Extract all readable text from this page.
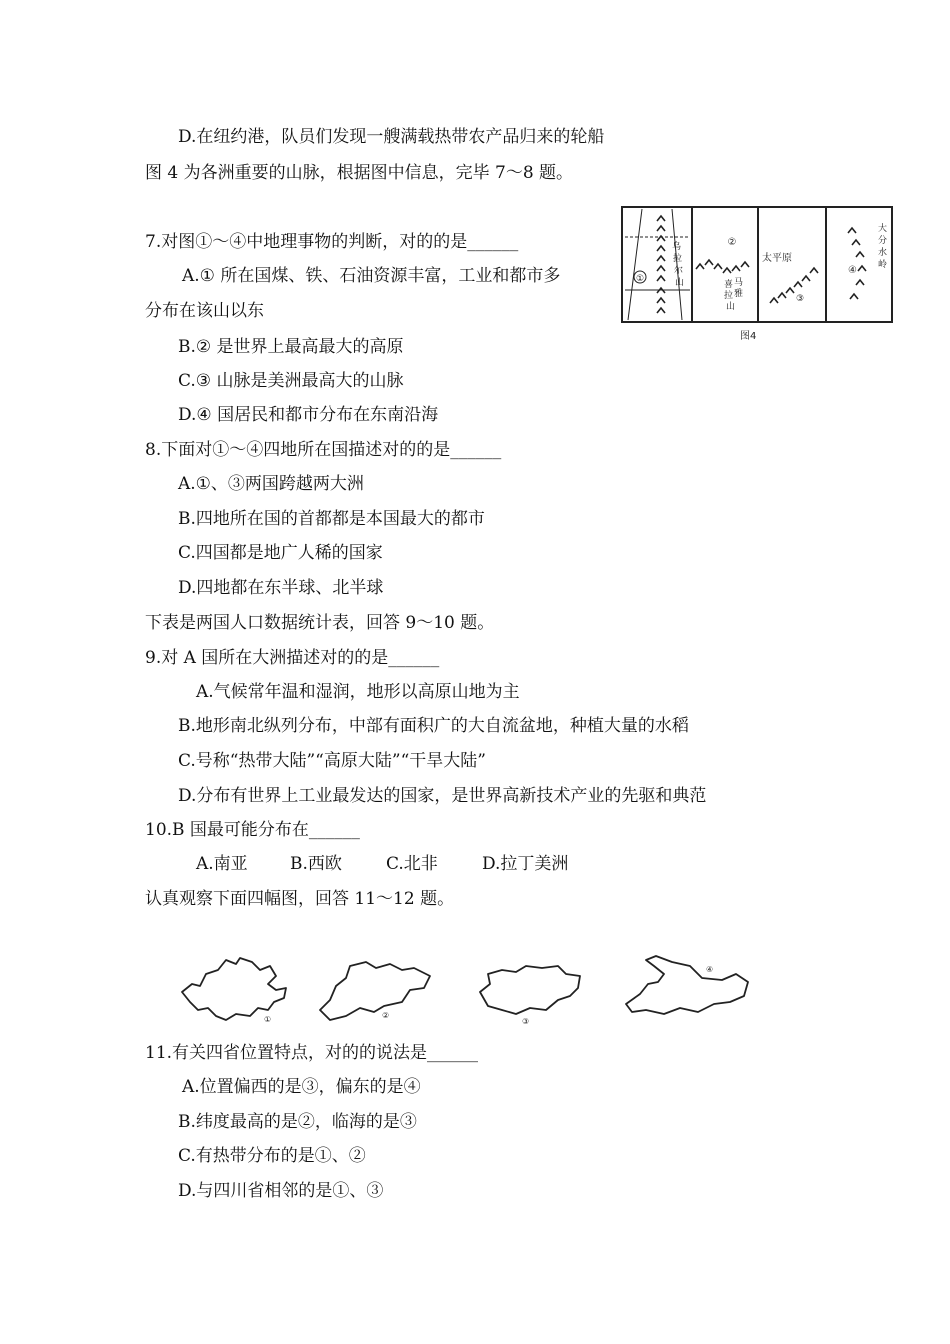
D.在纽约港，队员们发现一艘满载热带农产品归来的轮船
图 4 为各洲重要的山脉，根据图中信息，完毕 7～8 题。
7.对图①～④中地理事物的判断，对的的是______
A.① 所在国煤、铁、石油资源丰富，工业和都市多
分布在该山以东
B.② 是世界上最高最大的高原
C.③ 山脉是美洲最高大的山脉
D.④ 国居民和都市分布在东南沿海
8.下面对①～④四地所在国描述对的的是______
A.①、③两国跨越两大洲
B.四地所在国的首都都是本国最大的都市
C.四国都是地广人稀的国家
D.四地都在东半球、北半球
下表是两国人口数据统计表，回答 9～10 题。
9.对 A 国所在大洲描述对的的是______
A.气候常年温和湿润，地形以高原山地为主
B.地形南北纵列分布，中部有面积广的大自流盆地，种植大量的水稻
C.号称“热带大陆”“高原大陆”“干旱大陆”
D.分布有世界上工业最发达的国家，是世界高新技术产业的先驱和典范
10.B 国最可能分布在______
A.南亚 B.西欧	C.北非	D.拉丁美洲
认真观察下面四幅图，回答 11～12 题。
11.有关四省位置特点，对的的说法是______
A.位置偏西的是③，偏东的是④
B.纬度最高的是②，临海的是③
C.有热带分布的是①、②
D.与四川省相邻的是①、③
①
乌
拉
尔
山
②
喜 马
拉 雅
山
太平原
③
④
大
分
水
岭
图4
①	②
③
④
